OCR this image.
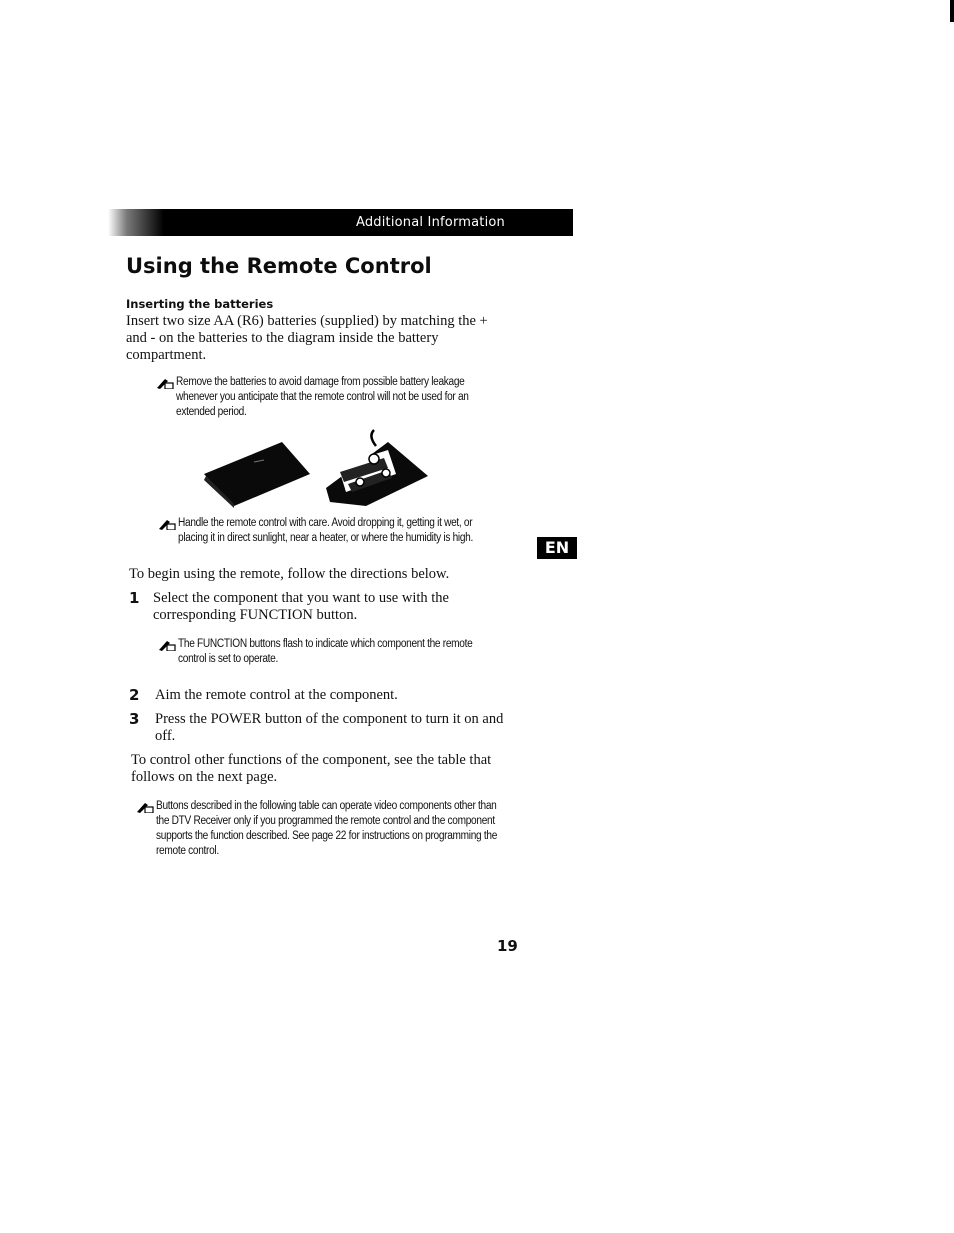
Additional Information
Using the Remote Control
Inserting the batteries
Insert two size AA (R6) batteries (supplied) by matching the +
and - on the batteries to the diagram inside the battery
compartment.
Remove the batteries to avoid damage from possible battery leakage
whenever you anticipate that the remote control will not be used for an
extended period.
Handle the remote control with care. Avoid dropping it, getting it wet, or
placing it in direct sunlight, near a heater, or where the humidity is high.	EN
To begin using the remote, follow the directions below.
1 Select the component that you want to use with the
corresponding FUNCTION button.
The FUNCTION buttons flash to indicate which component the remote
control is set to operate.
2 Aim the remote control at the component.
3 Press the POWER button of the component to turn it on and
off.
To control other functions of the component, see the table that
follows on the next page.
Buttons described in the following table can operate video components other than
the DTV Receiver only if you programmed the remote control and the component
supports the function described. See page 22 for instructions on programming the
remote control.
19
